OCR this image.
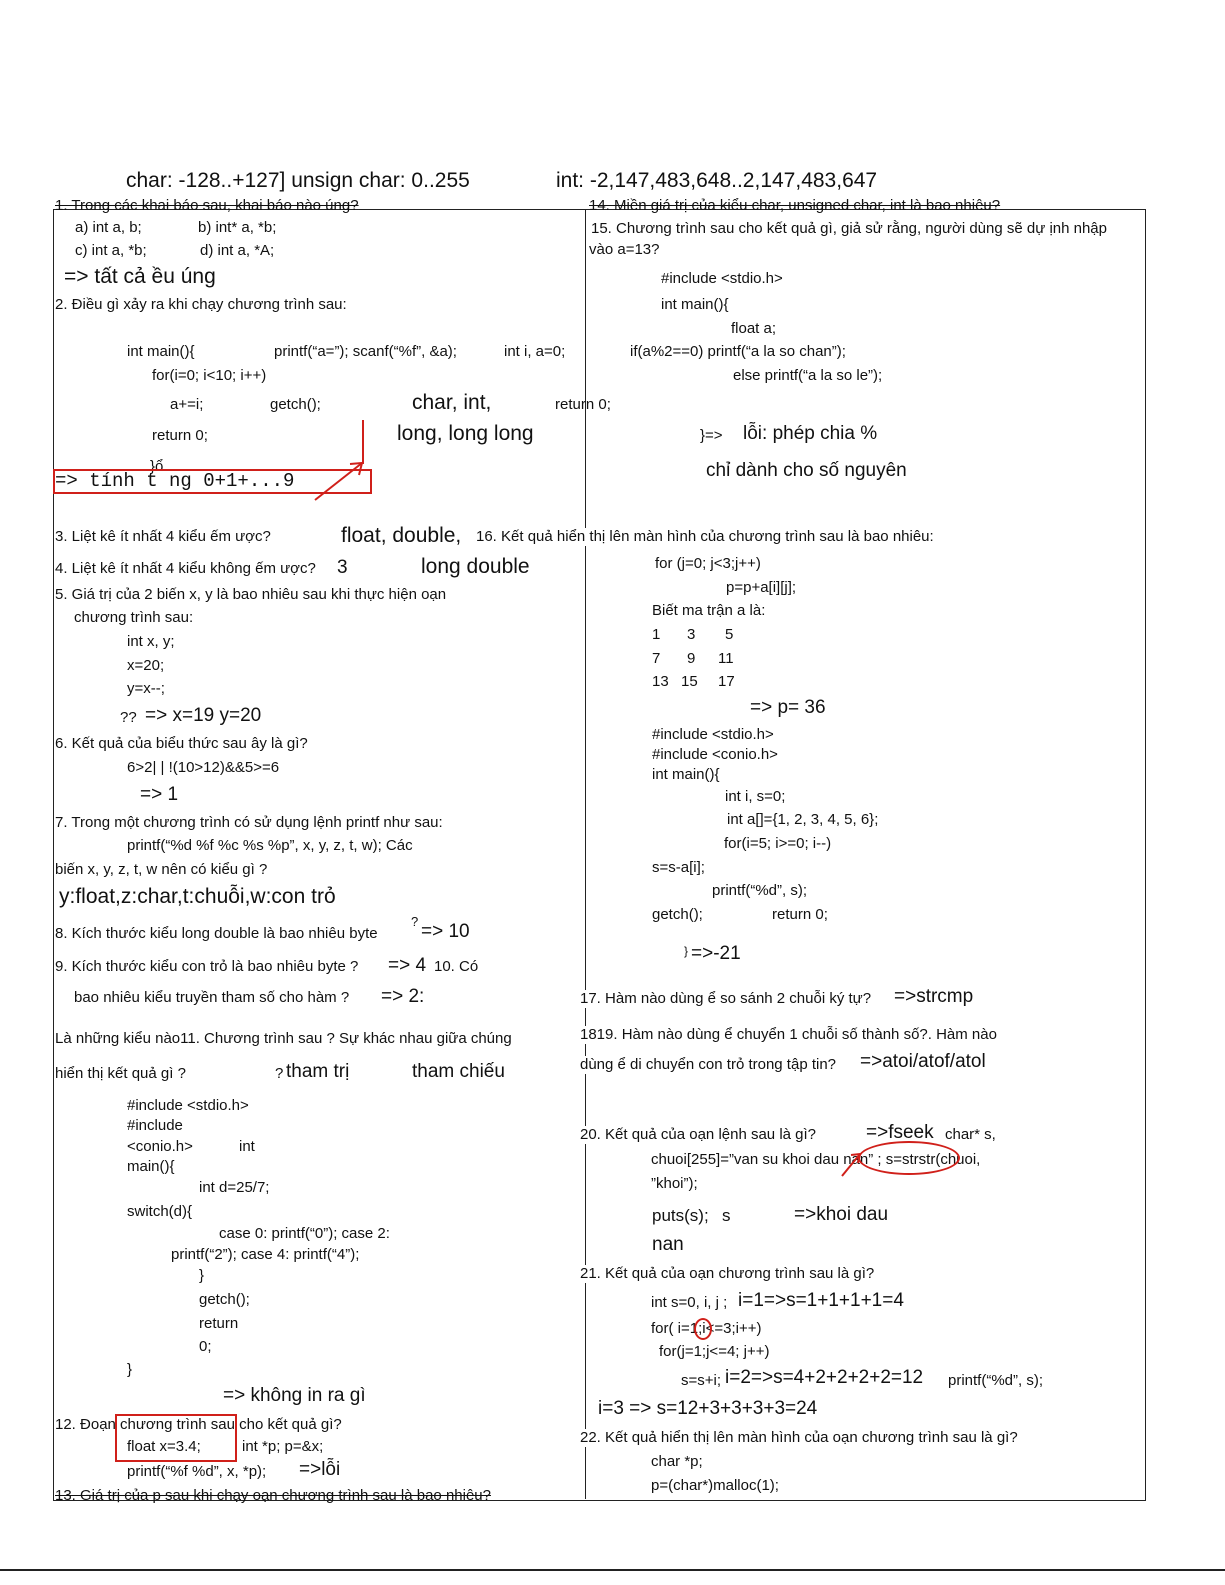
char: -128..+127] unsign char: 0..255	int: -2,147,483,648..2,147,483,647
1. Trong các khai báo sau, khai báo nào úng?
a) int a, b;	b) int* a, *b;
c) int a, *b;	d) int a, *A;
=> tất cả ều úng
2. Điều gì xảy ra khi chạy chương trình sau:
int main(){	printf(“a=”); scanf(“%f”, &a);	int i, a=0;
for(i=0; i<10; i++)
a+=i;	getch();
return 0;
}ổ
=> tính t ng 0+1+...9
char, int,
long, long long
3. Liệt kê ít nhất 4 kiểu ếm ược?	float, double,
4. Liệt kê ít nhất 4 kiểu không ếm ược? 3	long double
5. Giá trị của 2 biến x, y là bao nhiêu sau khi thực hiện oạn
chương trình sau:
int x, y;
x=20;
y=x--;
?? => x=19 y=20
6. Kết quả của biểu thức sau ây là gì?
6>2| | !(10>12)&&5>=6
=> 1
7. Trong một chương trình có sử dụng lệnh printf như sau:
printf(“%d %f %c %s %p”, x, y, z, t, w); Các
biến x, y, z, t, w nên có kiểu gì ?
y:float,z:char,t:chuỗi,w:con trỏ
8. Kích thước kiểu long double là bao nhiêu byte
? => 10
9. Kích thước kiểu con trỏ là bao nhiêu byte ? => 4 10. Có
bao nhiêu kiểu truyền tham số cho hàm ? => 2:
Là những kiểu nào11. Chương trình sau ? Sự khác nhau giữa chúng
hiển thị kết quả gì ?	? tham trị	tham chiếu
#include <stdio.h>
#include
<conio.h>	int
main(){
int d=25/7;
switch(d){
case 0: printf(“0”); case 2:
printf(“2”); case 4: printf(“4”);
}
getch();
return
0;
}
=> không in ra gì
12. Đoạn chương trình sau cho kết quả gì?
float x=3.4;	int *p; p=&x;
printf(“%f %d”, x, *p); =>lỗi
13. Giá trị của p sau khi chạy oạn chương trình sau là bao nhiêu?
14. Miền giá trị của kiểu char, unsigned char, int là bao nhiêu?
15. Chương trình sau cho kết quả gì, giả sử rằng, người dùng sẽ dự ịnh nhập
vào a=13?
#include <stdio.h>
int main(){
float a;
if(a%2==0) printf(“a la so chan”);
else printf(“a la so le”);
return 0;
}=> lỗi: phép chia %
chỉ dành cho số nguyên
16. Kết quả hiển thị lên màn hình của chương trình sau là bao nhiêu:
for (j=0; j<3;j++)
p=p+a[i][j];
Biết ma trận a là:
1 3 5
7 9 11
13 15 17
=> p= 36
#include <stdio.h>
#include <conio.h>
int main(){
int i, s=0;
int a[]={1, 2, 3, 4, 5, 6};
for(i=5; i>=0; i--)
s=s-a[i];
printf(“%d”, s);
getch();	return 0;
} =>-21
17. Hàm nào dùng ể so sánh 2 chuỗi ký tự? =>strcmp
1819. Hàm nào dùng ể chuyển 1 chuỗi số thành số?. Hàm nào
dùng ể di chuyển con trỏ trong tập tin? =>atoi/atof/atol
20. Kết quả của oạn lệnh sau là gì?	=>fseek char* s,
chuoi[255]=”van su khoi dau nan” ; s=strstr(chuoi,
”khoi”);
puts(s); s	=>khoi dau
nan
21. Kết quả của oạn chương trình sau là gì?
int s=0, i, j ; i=1=>s=1+1+1+1=4
for( i=1;i<=3;i++)
for(j=1;j<=4; j++)
s=s+i; i=2=>s=4+2+2+2+2=12 printf(“%d”, s);
i=3 => s=12+3+3+3+3=24
22. Kết quả hiển thị lên màn hình của oạn chương trình sau là gì?
char *p;
p=(char*)malloc(1);
